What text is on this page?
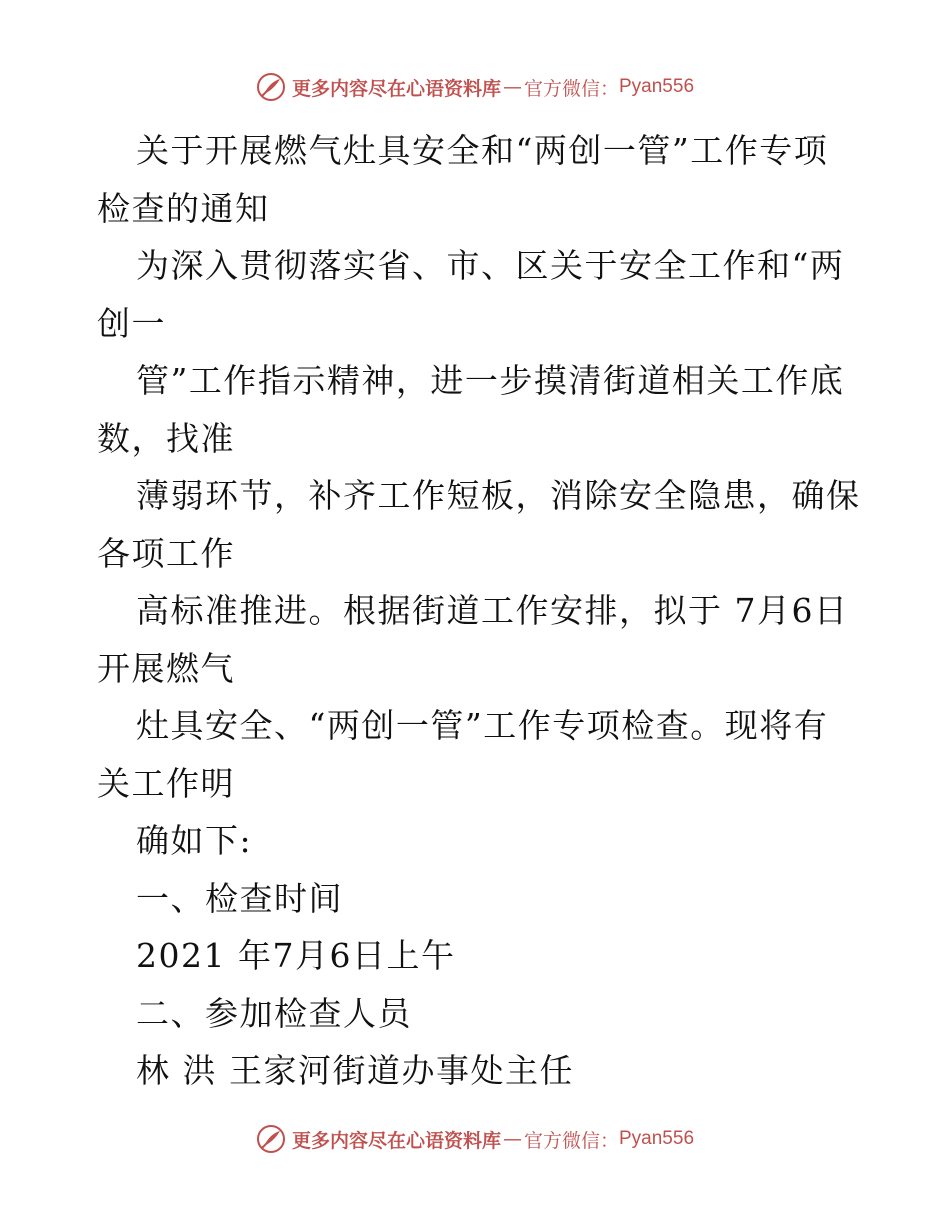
更多内容尽在心语资料库 — 官方微信： Pyan556
关于开展燃气灶具安全和“两创一管”工作专项
检查的通知
为深入贯彻落实省、市、区关于安全工作和“两
创一
管”工作指示精神，进一步摸清街道相关工作底
数，找准
薄弱环节，补齐工作短板，消除安全隐患，确保
各项工作
高标准推进。根据街道工作安排，拟于 7月6日
开展燃气
灶具安全、“两创一管”工作专项检查。现将有
关工作明
确如下:
一、检查时间
2021 年7月6日上午
二、参加检查人员
林 洪 王家河街道办事处主任
更多内容尽在心语资料库 — 官方微信： Pyan556
